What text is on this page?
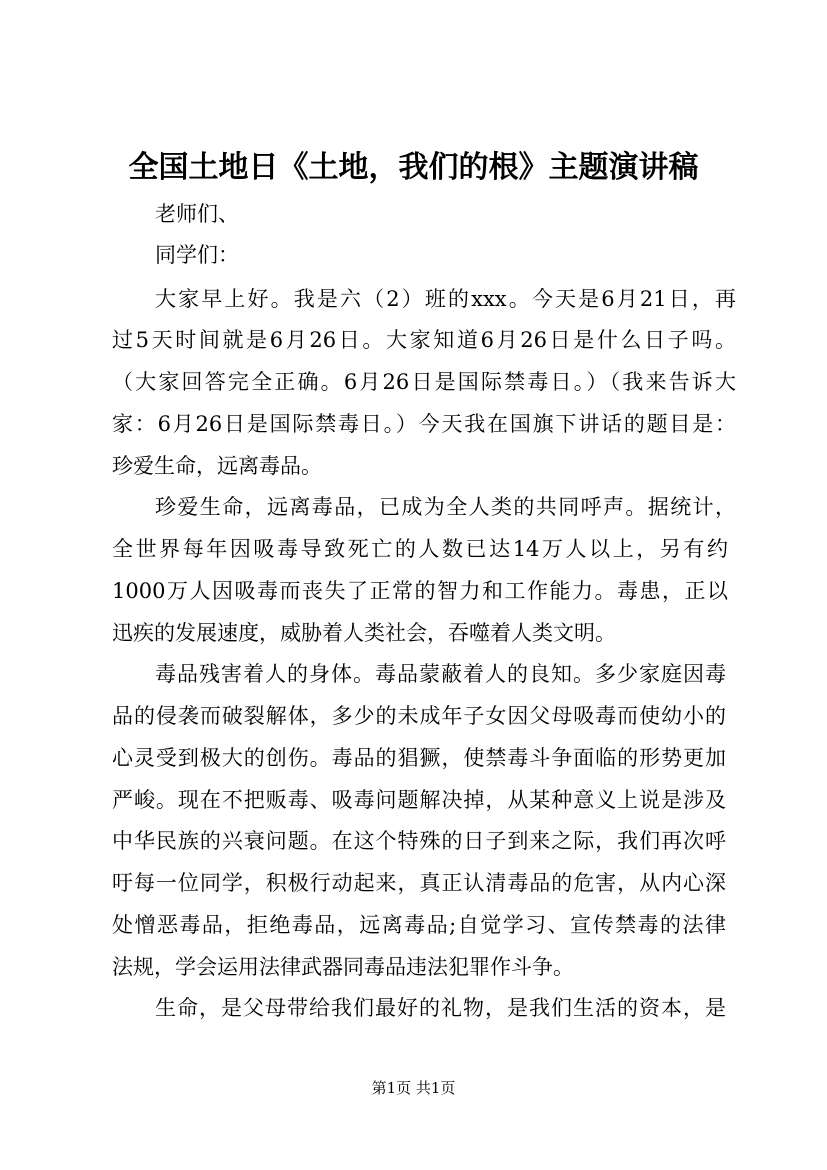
全国土地日《土地，我们的根》主题演讲稿
老师们、
同学们：
大家早上好。我是六（2）班的xxx。今天是6月21日，再
过5天时间就是6月26日。大家知道6月26日是什么日子吗。
（大家回答完全正确。6月26日是国际禁毒日。）（我来告诉大
家：6月26日是国际禁毒日。）今天我在国旗下讲话的题目是：
珍爱生命，远离毒品。
珍爱生命，远离毒品，已成为全人类的共同呼声。据统计，
全世界每年因吸毒导致死亡的人数已达14万人以上，另有约
1000万人因吸毒而丧失了正常的智力和工作能力。毒患，正以
迅疾的发展速度，威胁着人类社会，吞噬着人类文明。
毒品残害着人的身体。毒品蒙蔽着人的良知。多少家庭因毒
品的侵袭而破裂解体，多少的未成年子女因父母吸毒而使幼小的
心灵受到极大的创伤。毒品的猖獗，使禁毒斗争面临的形势更加
严峻。现在不把贩毒、吸毒问题解决掉，从某种意义上说是涉及
中华民族的兴衰问题。在这个特殊的日子到来之际，我们再次呼
吁每一位同学，积极行动起来，真正认清毒品的危害，从内心深
处憎恶毒品，拒绝毒品，远离毒品;自觉学习、宣传禁毒的法律
法规，学会运用法律武器同毒品违法犯罪作斗争。
生命，是父母带给我们最好的礼物，是我们生活的资本，是
第1页 共1页
